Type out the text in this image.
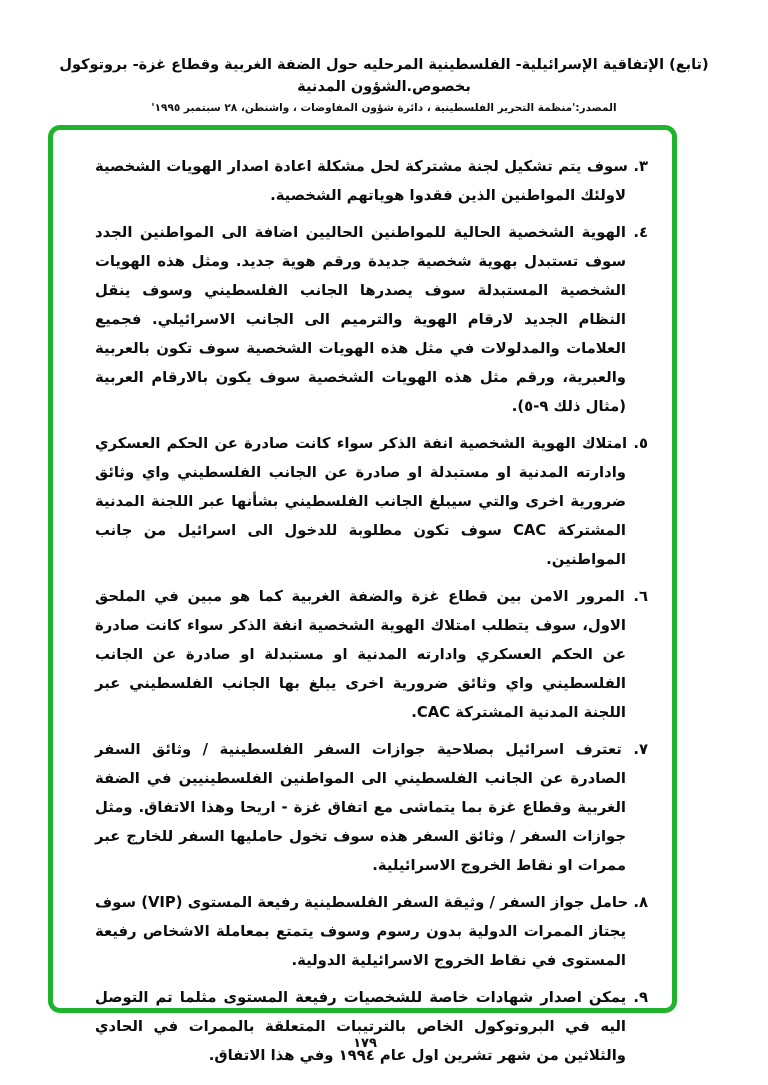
(تابع) الإتفاقية الإسرائيلية- الفلسطينية المرحليه حول الضفة الغربية وقطاع غزة- بروتوكول بخصوص.الشؤون المدنية
المصدر:'منظمة التحرير الفلسطينية ، دائرة شؤون المفاوضات ، واشنطن، ٢٨ سبتمبر ١٩٩٥'
٣. سوف يتم تشكيل لجنة مشتركة لحل مشكلة اعادة اصدار الهويات الشخصية لاولئك المواطنين الذين فقدوا هوياتهم الشخصية.
٤. الهوية الشخصية الحالية للمواطنين الحاليين اضافة الى المواطنين الجدد سوف تستبدل بهوية شخصية جديدة ورقم هوية جديد. ومثل هذه الهويات الشخصية المستبدلة سوف يصدرها الجانب الفلسطيني وسوف ينقل النظام الجديد لارقام الهوية والترميم الى الجانب الاسرائيلي. فجميع العلامات والمدلولات في مثل هذه الهويات الشخصية سوف تكون بالعربية والعبرية، ورقم مثل هذه الهويات الشخصية سوف يكون بالارقام العربية (مثال ذلك ٩-٥).
٥. امتلاك الهوية الشخصية انفة الذكر سواء كانت صادرة عن الحكم العسكري وادارته المدنية او مستبدلة او صادرة عن الجانب الفلسطيني واي وثائق ضرورية اخرى والتي سيبلغ الجانب الفلسطيني بشأنها عبر اللجنة المدنية المشتركة CAC سوف تكون مطلوبة للدخول الى اسرائيل من جانب المواطنين.
٦. المرور الامن بين قطاع غزة والضفة الغربية كما هو مبين في الملحق الاول، سوف يتطلب امتلاك الهوية الشخصية انفة الذكر سواء كانت صادرة عن الحكم العسكري وادارته المدنية او مستبدلة او صادرة عن الجانب الفلسطيني واي وثائق ضرورية اخرى يبلغ بها الجانب الفلسطيني عبر اللجنة المدنية المشتركة CAC.
٧. تعترف اسرائيل بصلاحية جوازات السفر الفلسطينية / وثائق السفر الصادرة عن الجانب الفلسطيني الى المواطنين الفلسطينيين في الضفة الغربية وقطاع غزة بما يتماشى مع اتفاق غزة - اريحا وهذا الاتفاق. ومثل جوازات السفر / وثائق السفر هذه سوف تخول حامليها السفر للخارج عبر ممرات او نقاط الخروج الاسرائيلية.
٨. حامل جواز السفر / وثيقة السفر الفلسطينية رفيعة المستوى (VIP) سوف يجتاز الممرات الدولية بدون رسوم وسوف يتمتع بمعاملة الاشخاص رفيعة المستوى في نقاط الخروج الاسرائيلية الدولية.
٩. يمكن اصدار شهادات خاصة للشخصيات رفيعة المستوى مثلما تم التوصل اليه في البروتوكول الخاص بالترتيبات المتعلقة بالممرات في الحادي والثلاثين من شهر تشرين اول عام ١٩٩٤ وفي هذا الاتفاق.
١٧٩
